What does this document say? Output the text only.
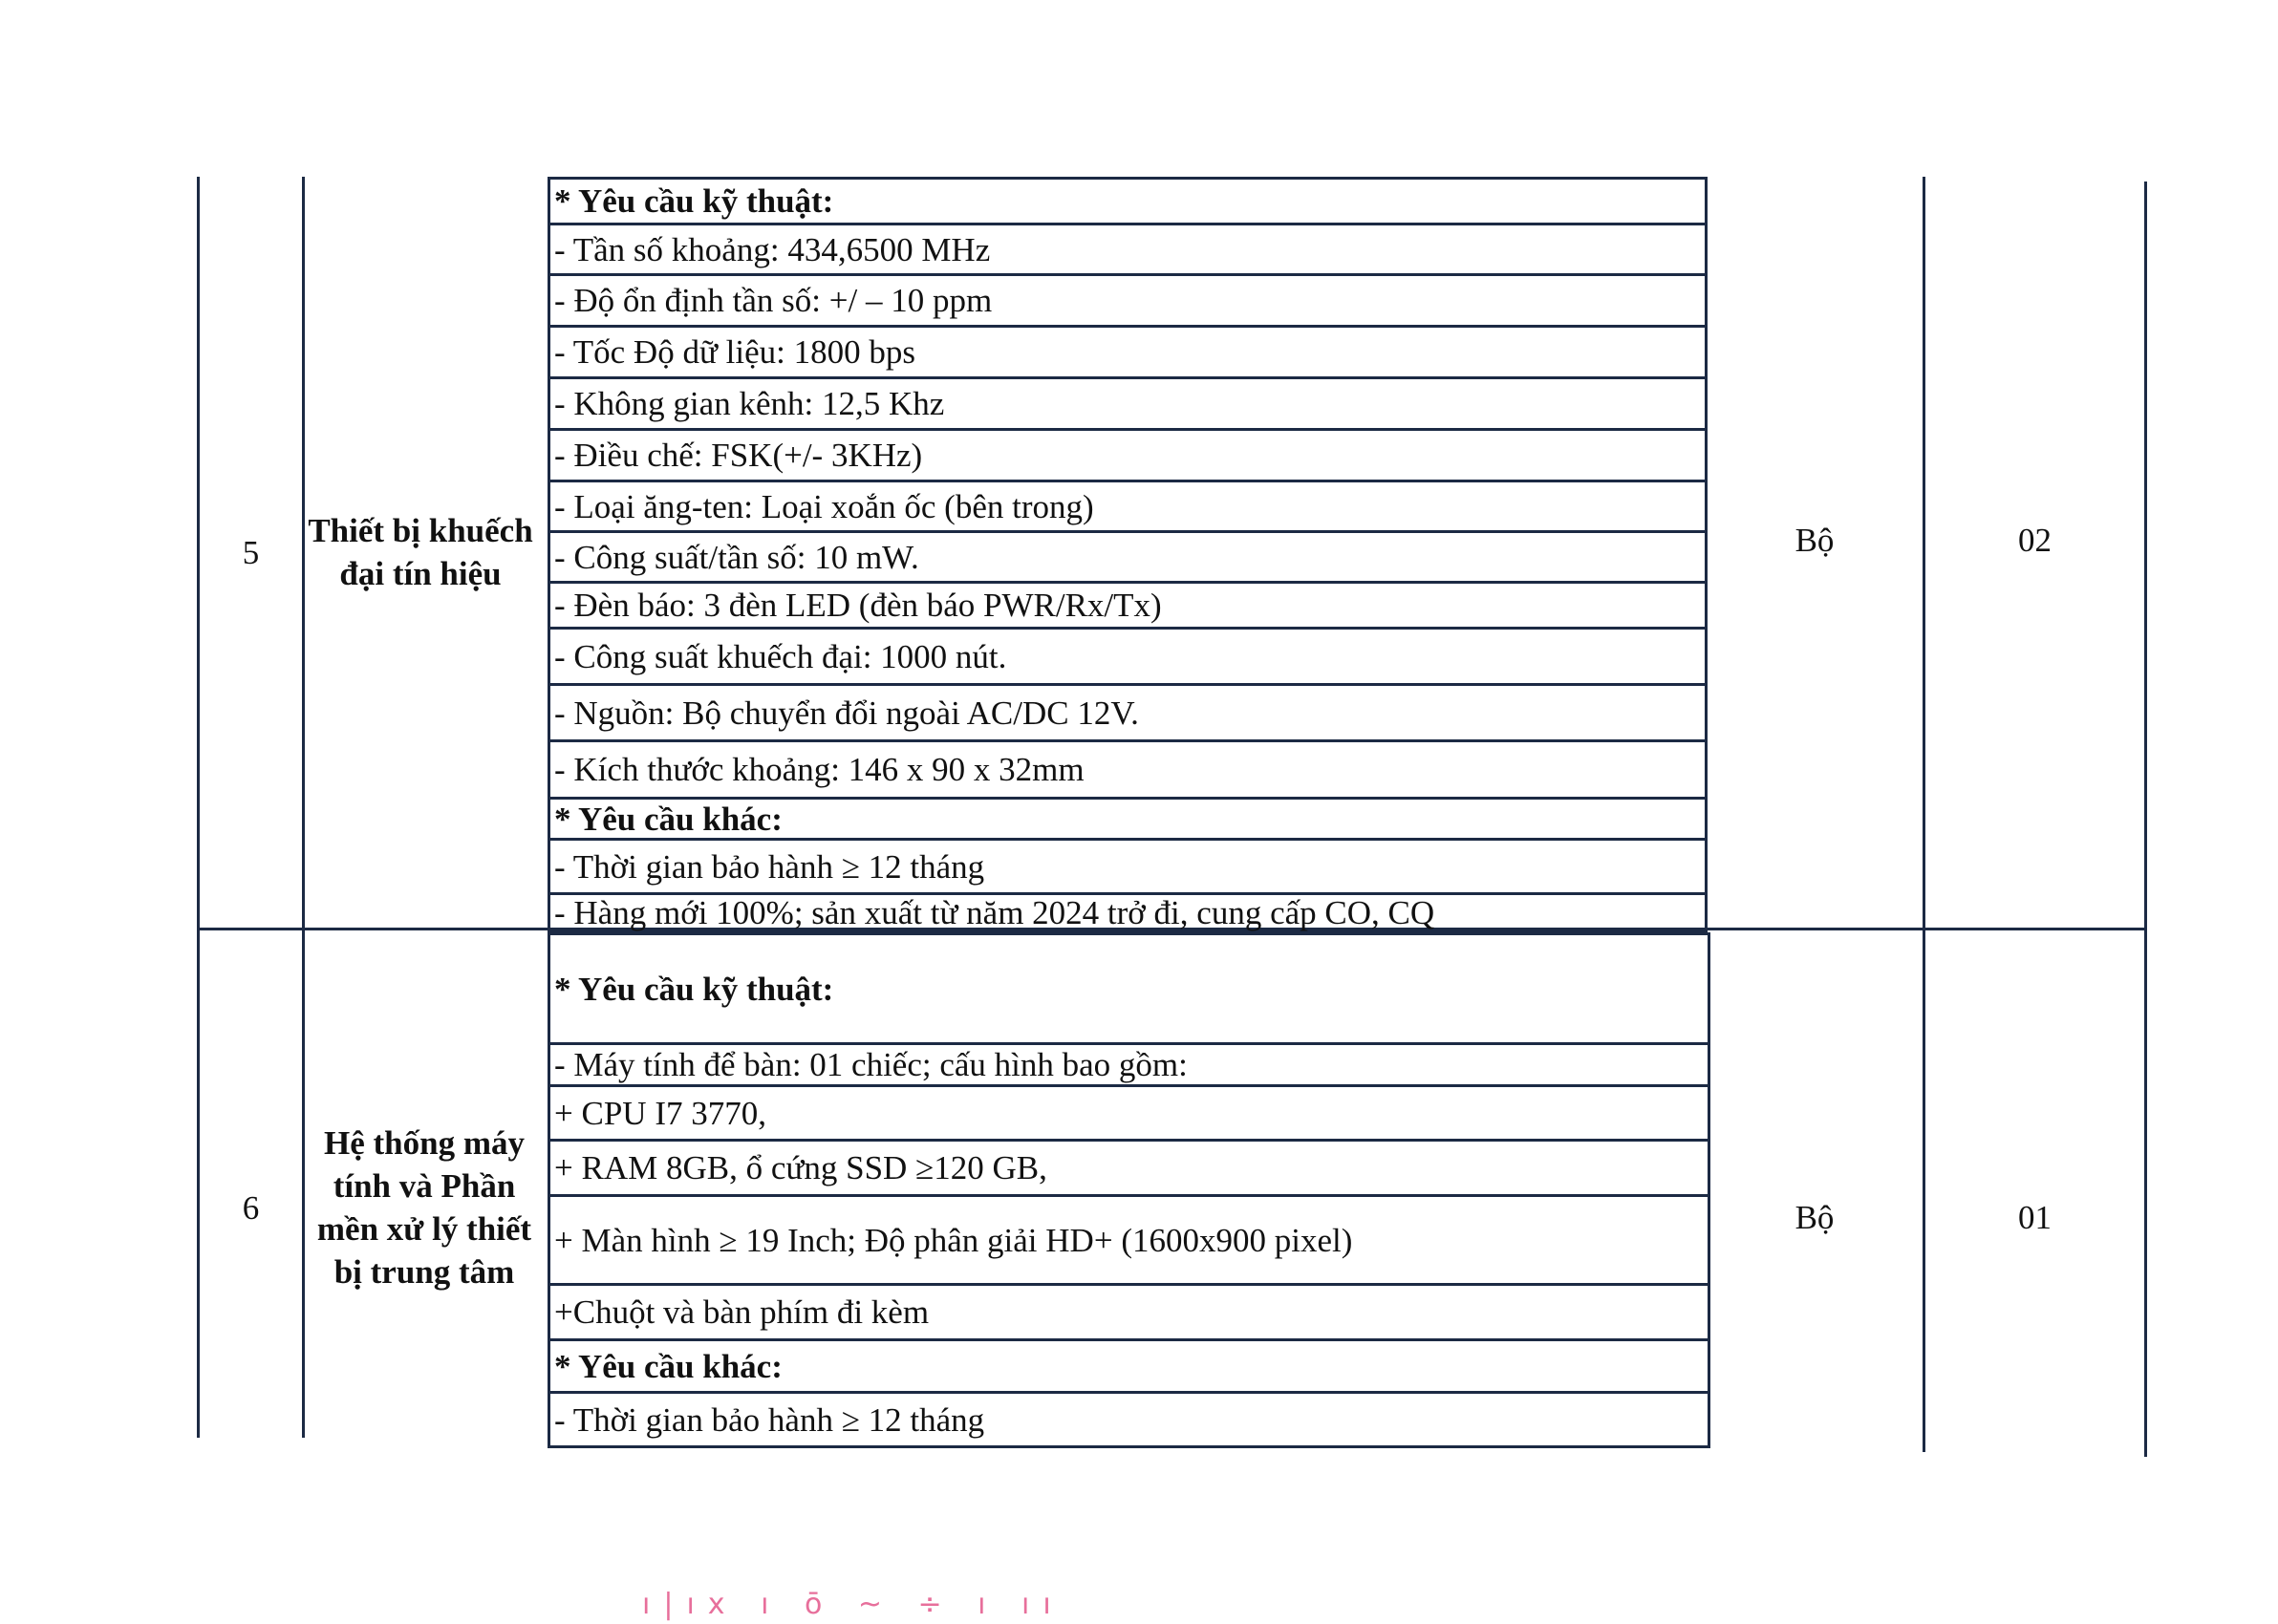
5
Thiết bị khuếch đại tín hiệu
Bộ	02
* Yêu cầu kỹ thuật:
- Tần số khoảng: 434,6500 MHz
- Độ ổn định tần số: +/ – 10 ppm
- Tốc Độ dữ liệu: 1800 bps
- Không gian kênh: 12,5 Khz
- Điều chế: FSK(+/- 3KHz)
- Loại ăng-ten: Loại xoắn ốc (bên trong)
- Công suất/tần số: 10 mW.
- Đèn báo: 3 đèn LED (đèn báo PWR/Rx/Tx)
- Công suất khuếch đại: 1000 nút.
- Nguồn: Bộ chuyển đổi ngoài AC/DC 12V.
- Kích thước khoảng: 146 x 90 x 32mm
* Yêu cầu khác:
- Thời gian bảo hành ≥ 12 tháng
- Hàng mới 100%; sản xuất từ năm 2024 trở đi, cung cấp CO, CQ
6
Hệ thống máy tính và Phần mền xử lý thiết bị trung tâm
Bộ	01
* Yêu cầu kỹ thuật:
- Máy tính để bàn: 01 chiếc; cấu hình bao gồm:
+ CPU I7 3770,
+ RAM 8GB, ổ cứng SSD ≥120 GB,
+ Màn hình ≥ 19 Inch; Độ phân giải HD+ (1600x900 pixel)
+Chuột và bàn phím đi kèm
* Yêu cầu khác:
- Thời gian bảo hành ≥ 12 tháng
ı|ıx ı ō ~ ÷ ı ıı
